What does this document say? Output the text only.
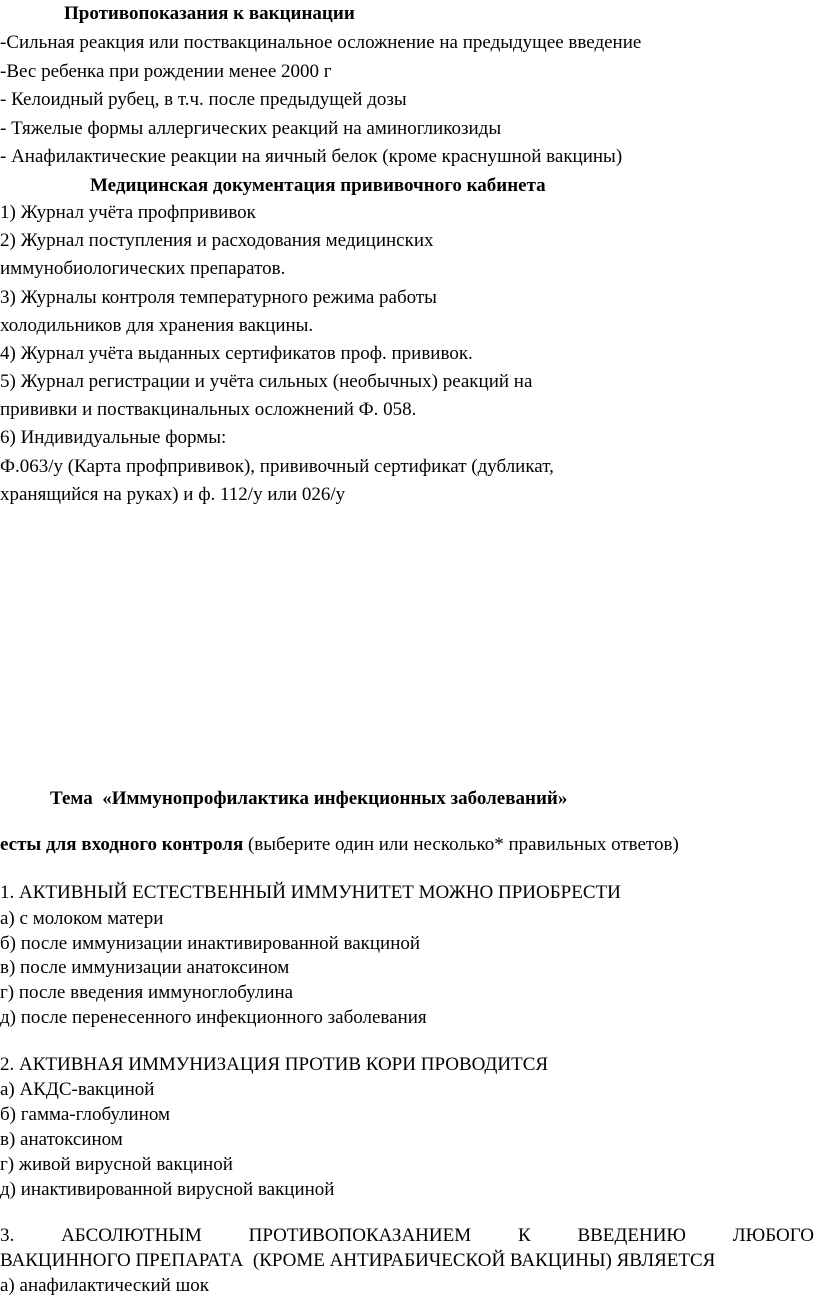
Противопоказания к вакцинации
-Сильная реакция или поствакцинальное осложнение на предыдущее введение
-Вес ребенка при рождении менее 2000 г
- Келоидный рубец, в т.ч. после предыдущей дозы
- Тяжелые формы аллергических реакций на аминогликозиды
- Анафилактические реакции на яичный белок (кроме краснушной вакцины)
Медицинская документация прививочного кабинета
1) Журнал учёта профпрививок
2) Журнал поступления и расходования медицинских
иммунобиологических препаратов.
3) Журналы контроля температурного режима работы
холодильников для хранения вакцины.
4) Журнал учёта выданных сертификатов проф. прививок.
5) Журнал регистрации и учёта сильных (необычных) реакций на
прививки и поствакцинальных осложнений Ф. 058.
6) Индивидуальные формы:
Ф.063/у (Карта профпрививок), прививочный сертификат (дубликат,
хранящийся на руках) и ф. 112/у или 026/у
Тема  «Иммунопрофилактика инфекционных заболеваний»
есты для входного контроля (выберите один или несколько* правильных ответов)
1. АКТИВНЫЙ ЕСТЕСТВЕННЫЙ ИММУНИТЕТ МОЖНО ПРИОБРЕСТИ
а) с молоком матери
б) после иммунизации инактивированной вакциной
в) после иммунизации анатоксином
г) после введения иммуноглобулина
д) после перенесенного инфекционного заболевания
2. АКТИВНАЯ ИММУНИЗАЦИЯ ПРОТИВ КОРИ ПРОВОДИТСЯ
а) АКДС-вакциной
б) гамма-глобулином
в) анатоксином
г) живой вирусной вакциной
д) инактивированной вирусной вакциной
3. АБСОЛЮТНЫМ ПРОТИВОПОКАЗАНИЕМ К ВВЕДЕНИЮ ЛЮБОГО
ВАКЦИННОГО ПРЕПАРАТА  (КРОМЕ АНТИРАБИЧЕСКОЙ ВАКЦИНЫ) ЯВЛЯЕТСЯ
а) анафилактический шок
